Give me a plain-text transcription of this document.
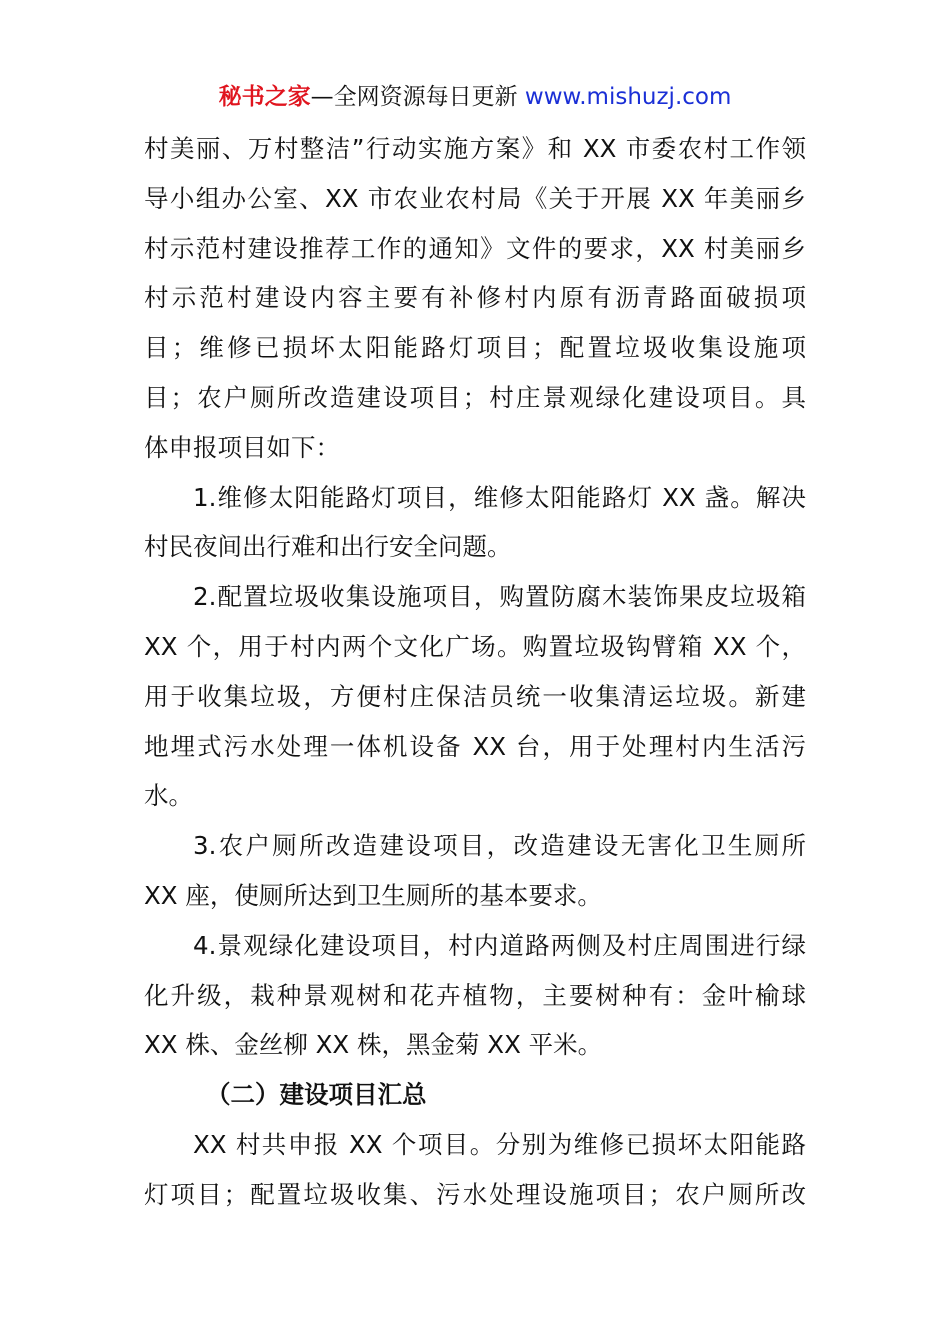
秘书之家—全网资源每日更新 www.mishuzj.com
村美丽、万村整洁”行动实施方案》和 XX 市委农村工作领
导小组办公室、XX 市农业农村局《关于开展 XX 年美丽乡
村示范村建设推荐工作的通知》文件的要求，XX 村美丽乡
村示范村建设内容主要有补修村内原有沥青路面破损项
目；维修已损坏太阳能路灯项目；配置垃圾收集设施项
目；农户厕所改造建设项目；村庄景观绿化建设项目。具
体申报项目如下：
1.维修太阳能路灯项目，维修太阳能路灯 XX 盏。解决
村民夜间出行难和出行安全问题。
2.配置垃圾收集设施项目，购置防腐木装饰果皮垃圾箱
XX 个，用于村内两个文化广场。购置垃圾钩臂箱 XX 个，
用于收集垃圾，方便村庄保洁员统一收集清运垃圾。新建
地埋式污水处理一体机设备 XX 台，用于处理村内生活污
水。
3.农户厕所改造建设项目，改造建设无害化卫生厕所
XX 座，使厕所达到卫生厕所的基本要求。
4.景观绿化建设项目，村内道路两侧及村庄周围进行绿
化升级，栽种景观树和花卉植物，主要树种有：金叶榆球
XX 株、金丝柳 XX 株，黑金菊 XX 平米。
（二）建设项目汇总
XX 村共申报 XX 个项目。分别为维修已损坏太阳能路
灯项目；配置垃圾收集、污水处理设施项目；农户厕所改
